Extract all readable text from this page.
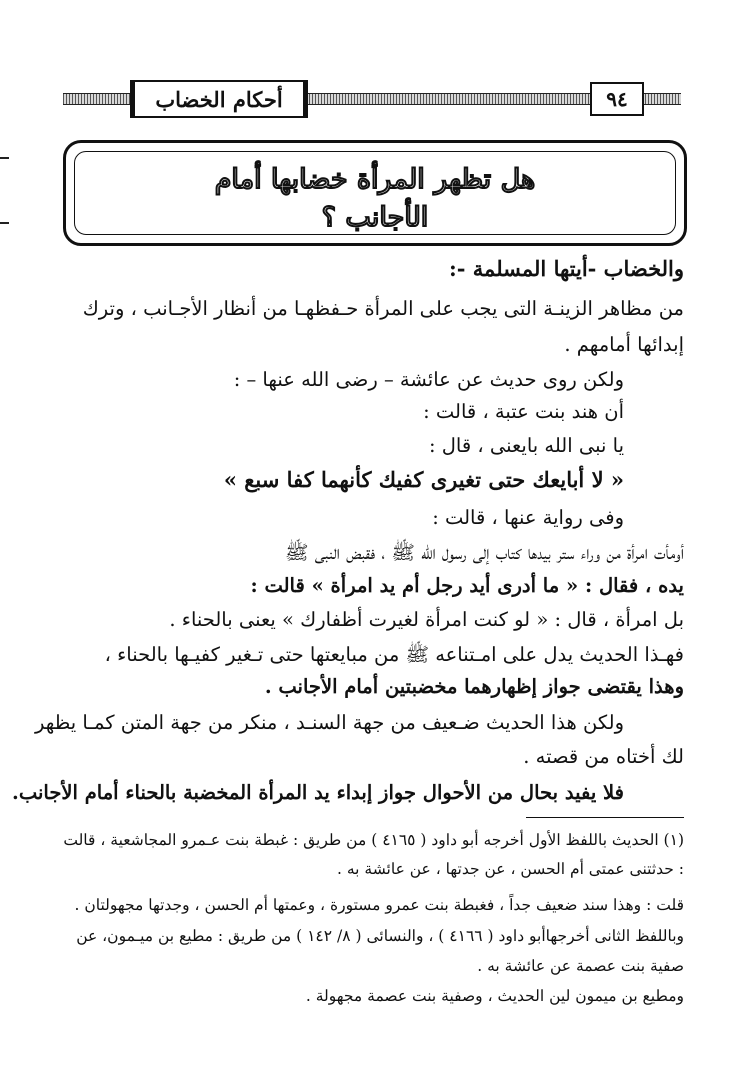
أحكام الخضاب	٩٤
هل تظهر المرأة خضابها أمام
الأجانب ؟
والخضاب -أيتها المسلمة -:
من مظاهر الزينـة التى يجب على المرأة حـفظهـا من أنظار الأجـانب ، وترك
إبدائها أمامهم .
ولكن روى حديث عن عائشة – رضى الله عنها – :
أن هند بنت عتبة ، قالت :
يا نبى الله بايعنى ، قال :
« لا أبايعك حتى تغيرى كفيك كأنهما كفا سبع »
وفى رواية عنها ، قالت :
أومأت امرأة من وراء ستر بيدها كتاب إلى رسول الله ﷺ ، فقبض النبى ﷺ
يده ، فقال : « ما أدرى أيد رجل أم يد امرأة » قالت :
بل امرأة ، قال : « لو كنت امرأة لغيرت أظفارك » يعنى بالحناء .
فهـذا الحديث يدل على امـتناعه ﷺ من مبايعتها حتى تـغير كفيـها بالحناء ،
وهذا يقتضى جواز إظهارهما مخضبتين أمام الأجانب .
ولكن هذا الحديث ضـعيف من جهة السنـد ، منكر من جهة المتن كمـا يظهر
لك أختاه من قصته .
فلا يفيد بحال من الأحوال جواز إبداء يد المرأة المخضبة بالحناء أمام الأجانب.
(١) الحديث باللفظ الأول أخرجه أبو داود ( ٤١٦٥ ) من طريق : غبطة بنت عـمرو المجاشعية ، قالت
: حدثتنى عمتى أم الحسن ، عن جدتها ، عن عائشة به .
قلت : وهذا سند ضعيف جداً ، فغبطة بنت عمرو مستورة ، وعمتها أم الحسن ، وجدتها مجهولتان .
وباللفظ الثانى أخرجهاأبو داود ( ٤١٦٦ ) ، والنسائى ( ٨/ ١٤٢ ) من طريق : مطيع بن ميـمون، عن
صفية بنت عصمة عن عائشة به .
ومطيع بن ميمون لين الحديث ، وصفية بنت عصمة مجهولة .
